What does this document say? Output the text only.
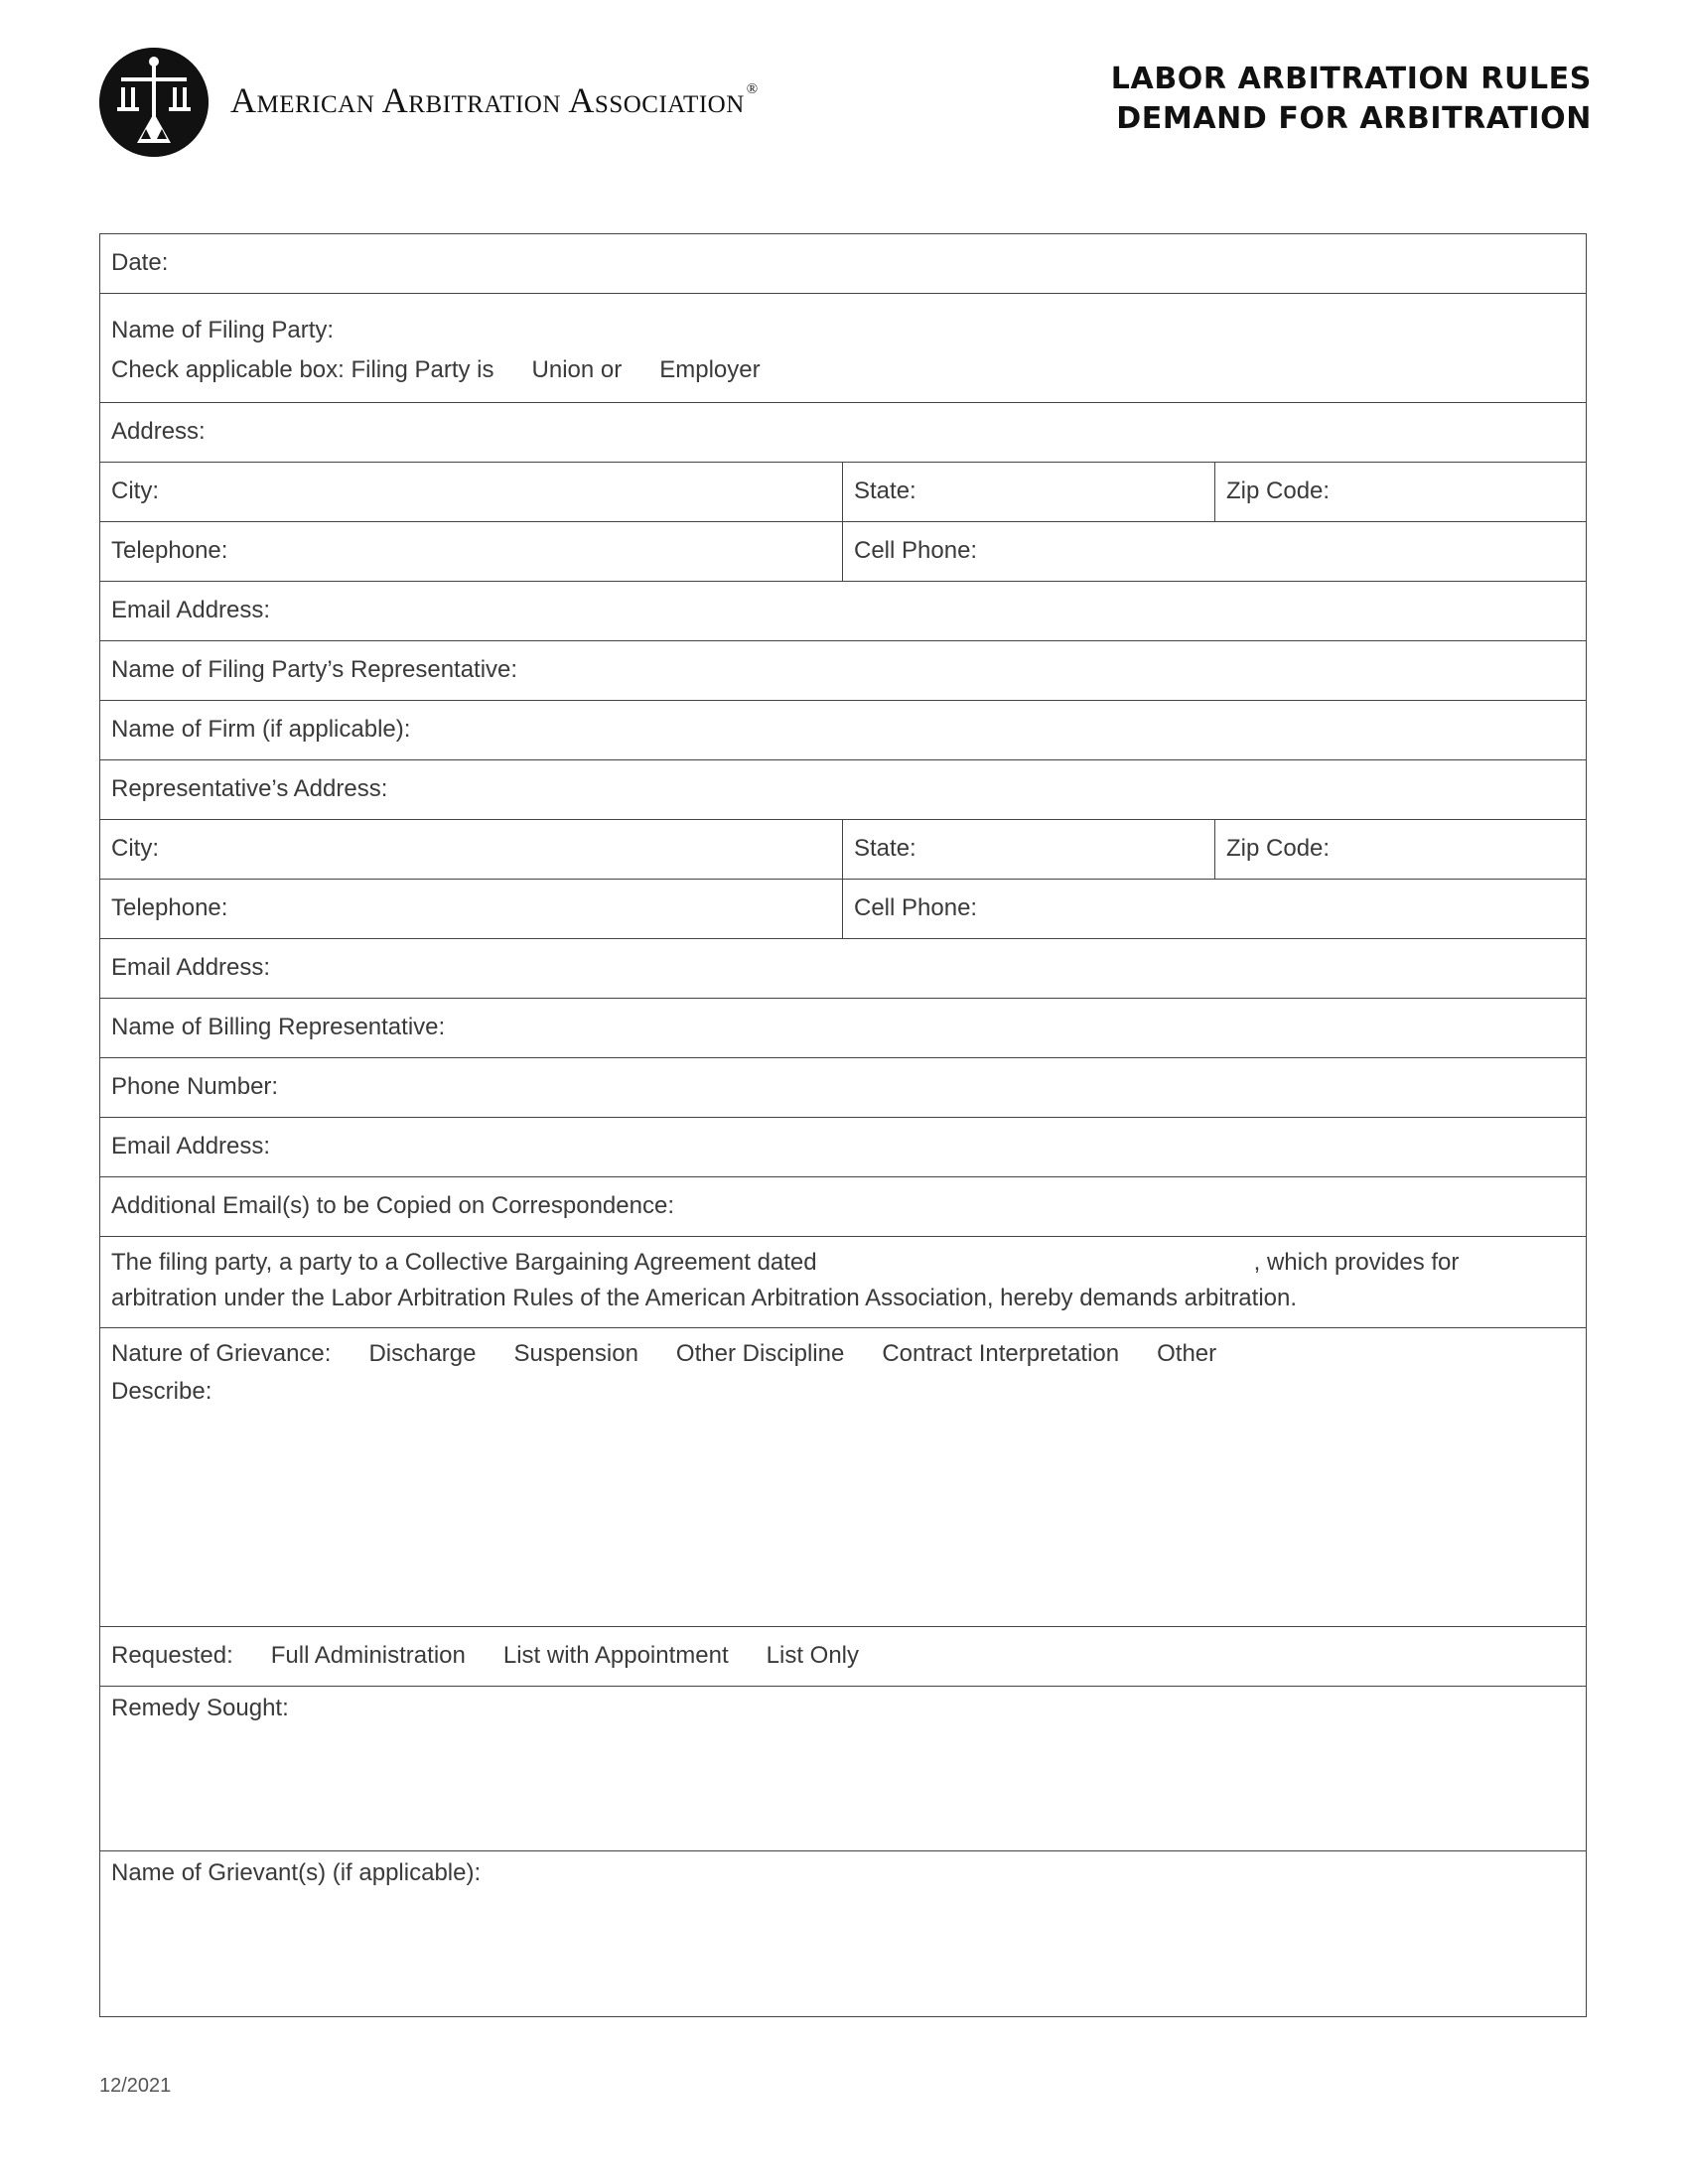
American Arbitration Association ®	LABOR ARBITRATION RULES
DEMAND FOR ARBITRATION
Date:
Name of Filing Party:
Check applicable box: Filing Party is Union or Employer
Address:
City:	State:	Zip Code:
Telephone:	Cell Phone:
Email Address:
Name of Filing Party’s Representative:
Name of Firm (if applicable):
Representative’s Address:
City:	State:	Zip Code:
Telephone:	Cell Phone:
Email Address:
Name of Billing Representative:
Phone Number:
Email Address:
Additional Email(s) to be Copied on Correspondence:
The filing party, a party to a Collective Bargaining Agreement dated	, which provides for
arbitration under the Labor Arbitration Rules of the American Arbitration Association, hereby demands arbitration.
Nature of Grievance: Discharge Suspension Other Discipline Contract Interpretation Other
Describe:
Requested: Full Administration List with Appointment List Only
Remedy Sought:
Name of Grievant(s) (if applicable):
12/2021
